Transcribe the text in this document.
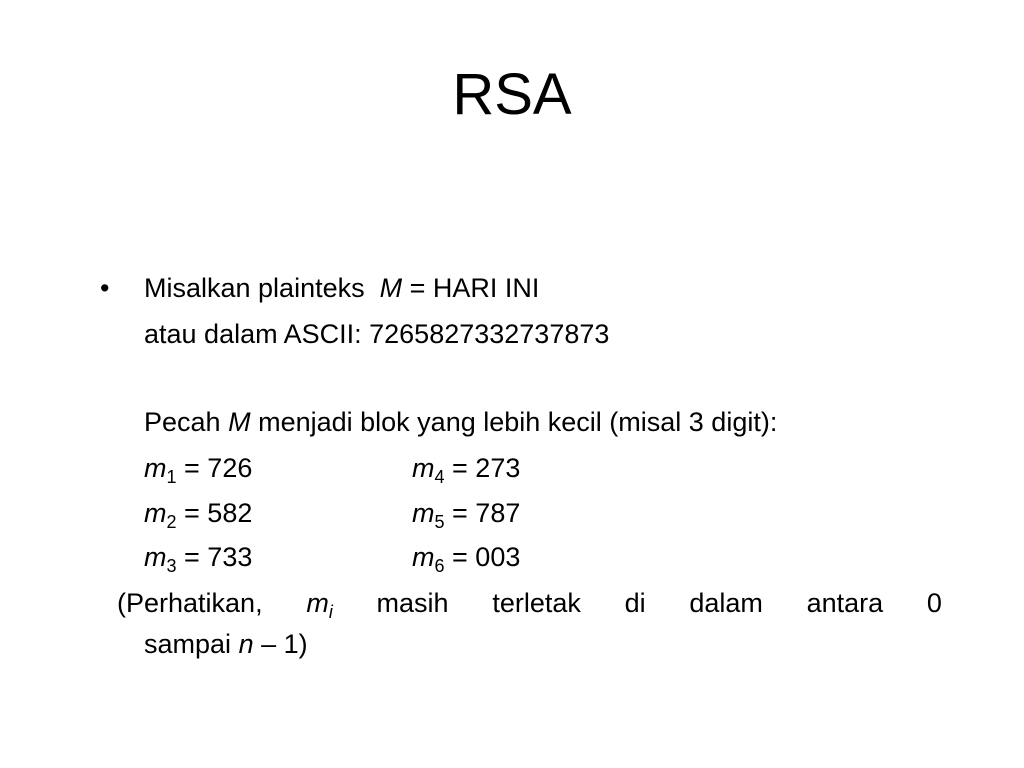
RSA
• Misalkan plainteks M = HARI INI
atau dalam ASCII: 7265827332737873
Pecah M menjadi blok yang lebih kecil (misal 3 digit):
$m_1 = 726$
$m_2 = 582$
$m_3 = 733$
$m_4 = 273$
$m_5 = 787$
$m_6 = 003$
(Perhatikan, $m_i$ masih terletak di dalam antara 0
sampai n – 1)
